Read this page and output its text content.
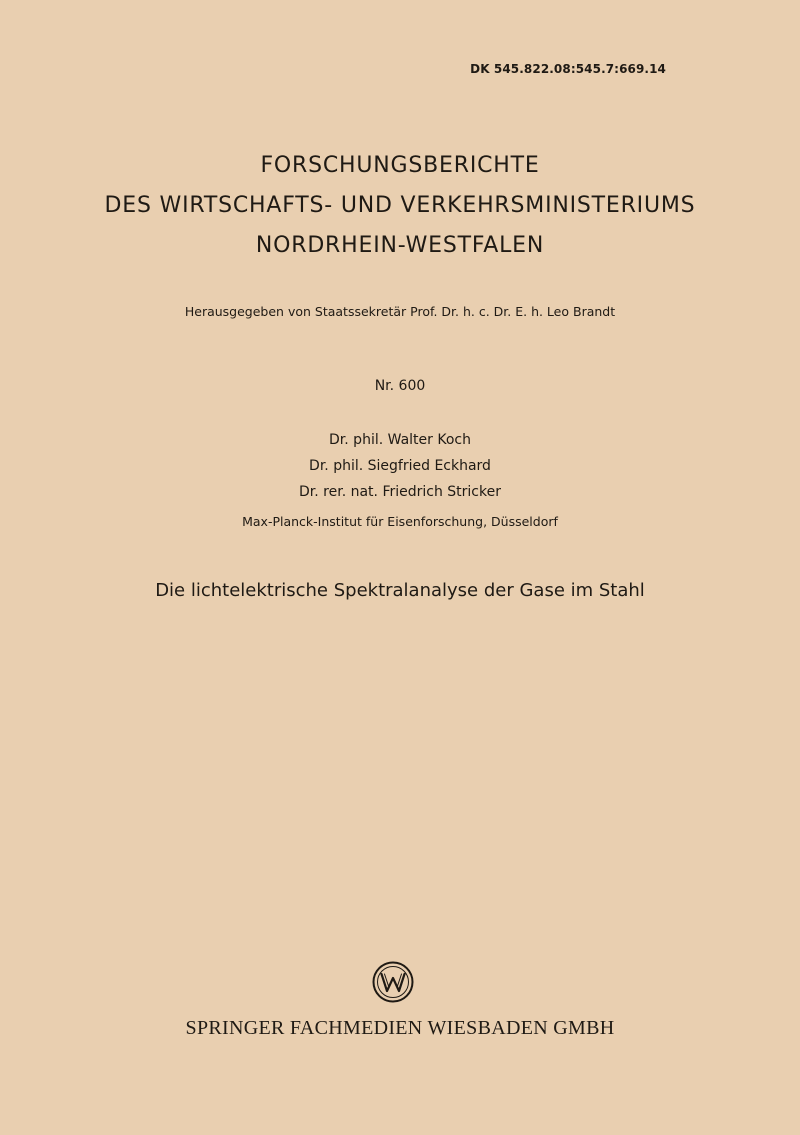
DK 545.822.08:545.7:669.14
FORSCHUNGSBERICHTE
DES WIRTSCHAFTS- UND VERKEHRSMINISTERIUMS
NORDRHEIN-WESTFALEN
Herausgegeben von Staatssekretär Prof. Dr. h. c. Dr. E. h. Leo Brandt
Nr. 600
Dr. phil. Walter Koch
Dr. phil. Siegfried Eckhard
Dr. rer. nat. Friedrich Stricker
Max-Planck-Institut für Eisenforschung, Düsseldorf
Die lichtelektrische Spektralanalyse der Gase im Stahl
SPRINGER FACHMEDIEN WIESBADEN GMBH
